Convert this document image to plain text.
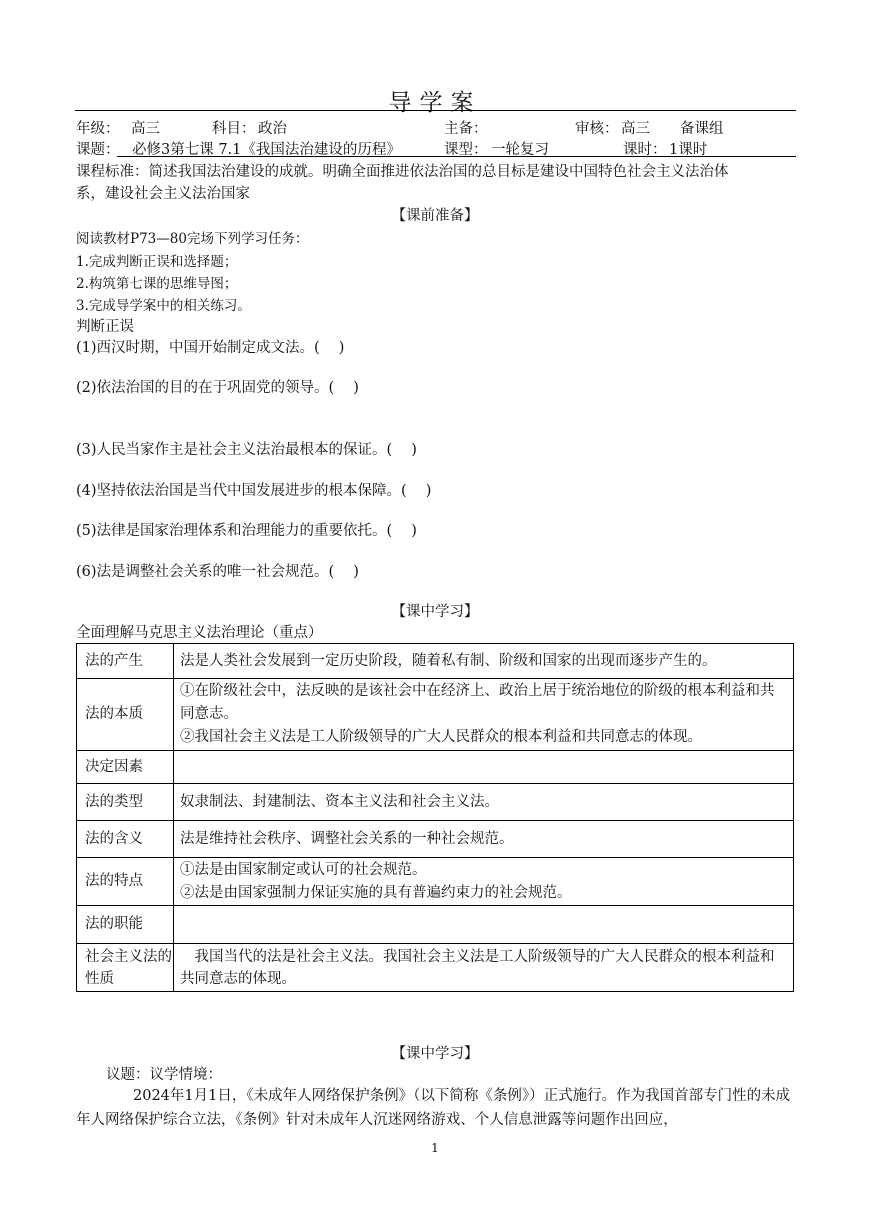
导学案
年级： 高三	科目： 政治	主备：	审核： 高三 备课组
课题： 必修3第七课 7.1《我国法治建设的历程》	课型： 一轮复习	课时： 1课时
课程标准：简述我国法治建设的成就。明确全面推进依法治国的总目标是建设中国特色社会主义法治体
系，建设社会主义法治国家
【课前准备】
阅读教材P73—80完场下列学习任务：
1.完成判断正误和选择题；
2.构筑第七课的思维导图；
3.完成导学案中的相关练习。
判断正误
(1)西汉时期，中国开始制定成文法。(　 )
(2)依法治国的目的在于巩固党的领导。(　 )
(3)人民当家作主是社会主义法治最根本的保证。(　 )
(4)坚持依法治国是当代中国发展进步的根本保障。(　 )
(5)法律是国家治理体系和治理能力的重要依托。(　 )
(6)法是调整社会关系的唯一社会规范。(　 )
【课中学习】
全面理解马克思主义法治理论（重点）
法的产生	法是人类社会发展到一定历史阶段，随着私有制、阶级和国家的出现而逐步产生的。

法的本质	①在阶级社会中，法反映的是该社会中在经济上、政治上居于统治地位的阶级的根本利益和共同意志。
②我国社会主义法是工人阶级领导的广大人民群众的根本利益和共同意志的体现。

决定因素	
法的类型	奴隶制法、封建制法、资本主义法和社会主义法。

法的含义	法是维持社会秩序、调整社会关系的一种社会规范。

法的特点	①法是由国家制定或认可的社会规范。
②法是由国家强制力保证实施的具有普遍约束力的社会规范。

法的职能	
社会主义法的性质	　我国当代的法是社会主义法。我国社会主义法是工人阶级领导的广大人民群众的根本利益和共同意志的体现。
【课中学习】
议题：议学情境：
2024年1月1日，《未成年人网络保护条例》（以下简称《条例》）正式施行。作为我国首部专门性的未成年人网络保护综合立法，《条例》针对未成年人沉迷网络游戏、个人信息泄露等问题作出回应，
1
